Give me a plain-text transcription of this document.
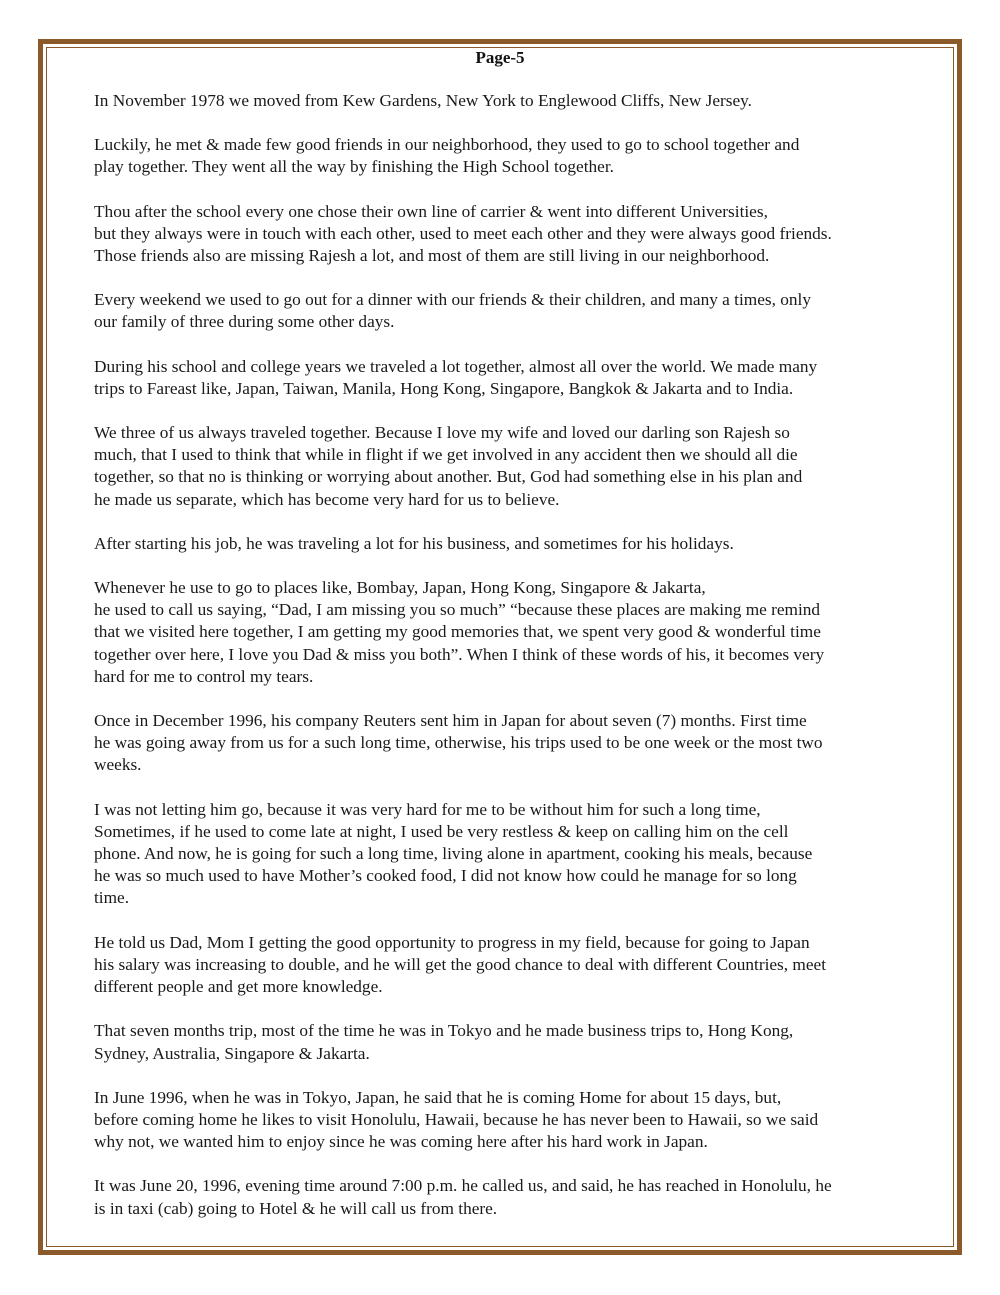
Page-5
In November 1978 we moved from Kew Gardens, New York to Englewood Cliffs, New Jersey.
Luckily, he met & made few good friends in our neighborhood, they used to go to school together and
play together. They went all the way by finishing the High School together.
Thou after the school every one chose their own line of carrier & went into different Universities,
but they always were in touch with each other, used to meet each other and they were always good friends.
Those friends also are missing Rajesh a lot, and most of them are still living in our neighborhood.
Every weekend we used to go out for a dinner with our friends & their children, and many a times, only
our family of three during some other days.
During his school and college years we traveled a lot together, almost all over the world. We made many
trips to Fareast like, Japan, Taiwan, Manila, Hong Kong, Singapore, Bangkok & Jakarta and to India.
We three of us always traveled together. Because I love my wife and loved our darling son Rajesh so
much, that I used to think that while in flight if we get involved in any accident then we should all die
together, so that no is thinking or worrying about another. But, God had something else in his plan and
he made us separate, which has become very hard for us to believe.
After starting his job, he was traveling a lot for his business, and sometimes for his holidays.
Whenever he use to go to places like, Bombay, Japan, Hong Kong, Singapore & Jakarta,
he used to call us saying, “Dad, I am missing you so much” “because these places are making me remind
that we visited here together, I am getting my good memories that, we spent very good & wonderful time
together over here, I love you Dad & miss you both”. When I think of these words of his, it becomes very
hard for me to control my tears.
Once in December 1996, his company Reuters sent him in Japan for about seven (7) months. First time
he was going away from us for a such long time, otherwise, his trips used to be one week or the most two
weeks.
I was not letting him go, because it was very hard for me to be without him for such a long time,
Sometimes, if he used to come late at night, I used be very restless & keep on calling him on the cell
phone. And now, he is going for such a long time, living alone in apartment, cooking his meals, because
he was so much used to have Mother’s cooked food, I did not know how could he manage for so long
time.
He told us Dad, Mom I getting the good opportunity to progress in my field, because for going to Japan
his salary was increasing to double, and he will get the good chance to deal with different Countries, meet
different people and get more knowledge.
That seven months trip, most of the time he was in Tokyo and he made business trips to, Hong Kong,
Sydney, Australia, Singapore & Jakarta.
In June 1996, when he was in Tokyo, Japan, he said that he is coming Home for about 15 days, but,
before coming home he likes to visit Honolulu, Hawaii, because he has never been to Hawaii, so we said
why not, we wanted him to enjoy since he was coming here after his hard work in Japan.
It was June 20, 1996, evening time around 7:00 p.m. he called us, and said, he has reached in Honolulu, he
is in taxi (cab) going to Hotel & he will call us from there.
